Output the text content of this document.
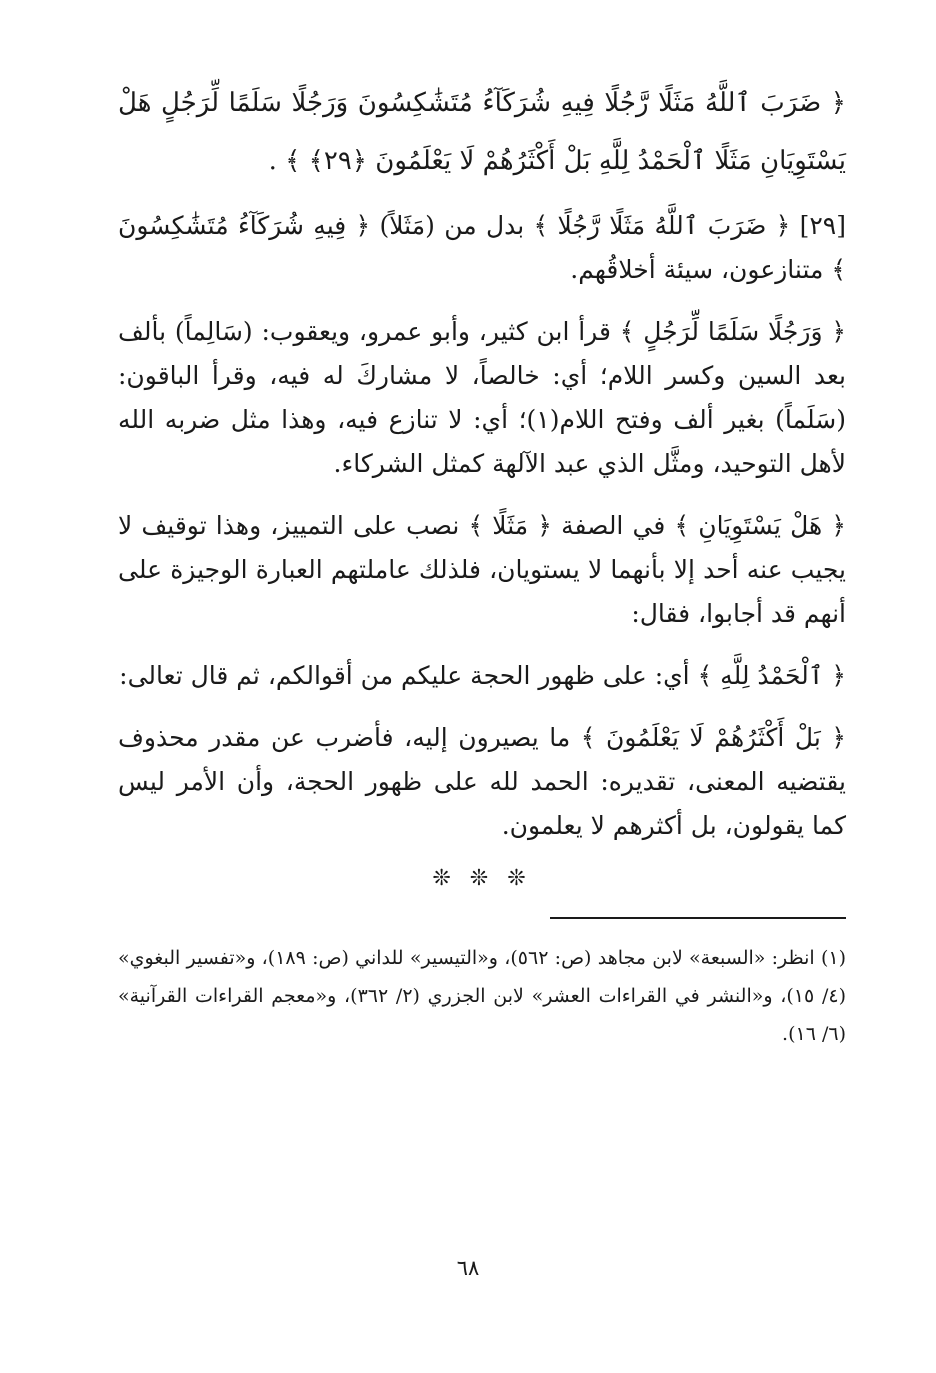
﴿ ضَرَبَ ٱللَّهُ مَثَلًا رَّجُلًا فِيهِ شُرَكَآءُ مُتَشَٰكِسُونَ وَرَجُلًا سَلَمًا لِّرَجُلٍ هَلْ يَسْتَوِيَانِ مَثَلًا ٱلْحَمْدُ لِلَّهِ بَلْ أَكْثَرُهُمْ لَا يَعْلَمُونَ ﴿٢٩﴾ ﴾ .

[٢٩] ﴿ ضَرَبَ ٱللَّهُ مَثَلًا رَّجُلًا ﴾ بدل من (مَثَلاً) ﴿ فِيهِ شُرَكَآءُ مُتَشَٰكِسُونَ ﴾ متنازعون، سيئة أخلاقُهم.

﴿ وَرَجُلًا سَلَمًا لِّرَجُلٍ ﴾ قرأ ابن كثير، وأبو عمرو، ويعقوب: (سَالِماً) بألف بعد السين وكسر اللام؛ أي: خالصاً، لا مشاركَ له فيه، وقرأ الباقون: (سَلَماً) بغير ألف وفتح اللام(١)؛ أي: لا تنازع فيه، وهذا مثل ضربه الله لأهل التوحيد، ومثَّل الذي عبد الآلهة كمثل الشركاء.

﴿ هَلْ يَسْتَوِيَانِ ﴾ في الصفة ﴿ مَثَلًا ﴾ نصب على التمييز، وهذا توقيف لا يجيب عنه أحد إلا بأنهما لا يستويان، فلذلك عاملتهم العبارة الوجيزة على أنهم قد أجابوا، فقال:

﴿ ٱلْحَمْدُ لِلَّهِ ﴾ أي: على ظهور الحجة عليكم من أقوالكم، ثم قال تعالى:

﴿ بَلْ أَكْثَرُهُمْ لَا يَعْلَمُونَ ﴾ ما يصيرون إليه، فأضرب عن مقدر محذوف يقتضيه المعنى، تقديره: الحمد لله على ظهور الحجة، وأن الأمر ليس كما يقولون، بل أكثرهم لا يعلمون.

❊ ❊ ❊

(١) انظر: «السبعة» لابن مجاهد (ص: ٥٦٢)، و«التيسير» للداني (ص: ١٨٩)، و«تفسير البغوي» (٤/ ١٥)، و«النشر في القراءات العشر» لابن الجزري (٢/ ٣٦٢)، و«معجم القراءات القرآنية» (٦/ ١٦).

٦٨
